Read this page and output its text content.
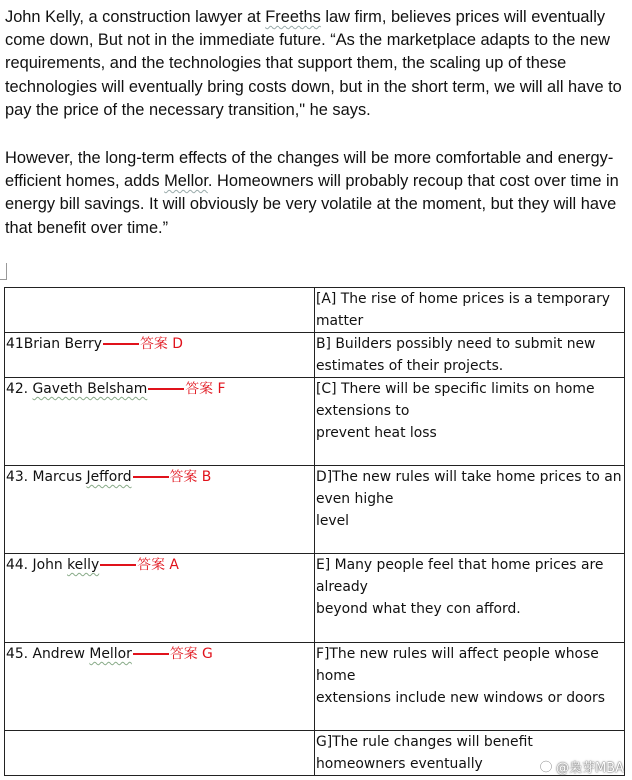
John Kelly, a construction lawyer at Freeths law firm, believes prices will eventually come down, But not in the immediate future. “As the marketplace adapts to the new requirements, and the technologies that support them, the scaling up of these technologies will eventually bring costs down, but in the short term, we will all have to pay the price of the necessary transition," he says.

However, the long-term effects of the changes will be more comfortable and energy-efficient homes, adds Mellor. Homeowners will probably recoup that cost over time in energy bill savings. It will obviously be very volatile at the moment, but they will have that benefit over time.”

	[A] The rise of home prices is a temporary matter
41Brian Berry 答案 D	B] Builders possibly need to submit new estimates of their projects.
42. Gaveth Belsham 答案 F	[C] There will be specific limits on home extensions to
prevent heat loss
43. Marcus Jefford 答案 B	D]The new rules will take home prices to an even highe
level
44. John kelly 答案 A	E] Many people feel that home prices are already
beyond what they con afford.
45. Andrew Mellor 答案 G	F]The new rules will affect people whose home
extensions include new windows or doors
	G]The rule changes will benefit homeowners eventually	@枭芽MBA
